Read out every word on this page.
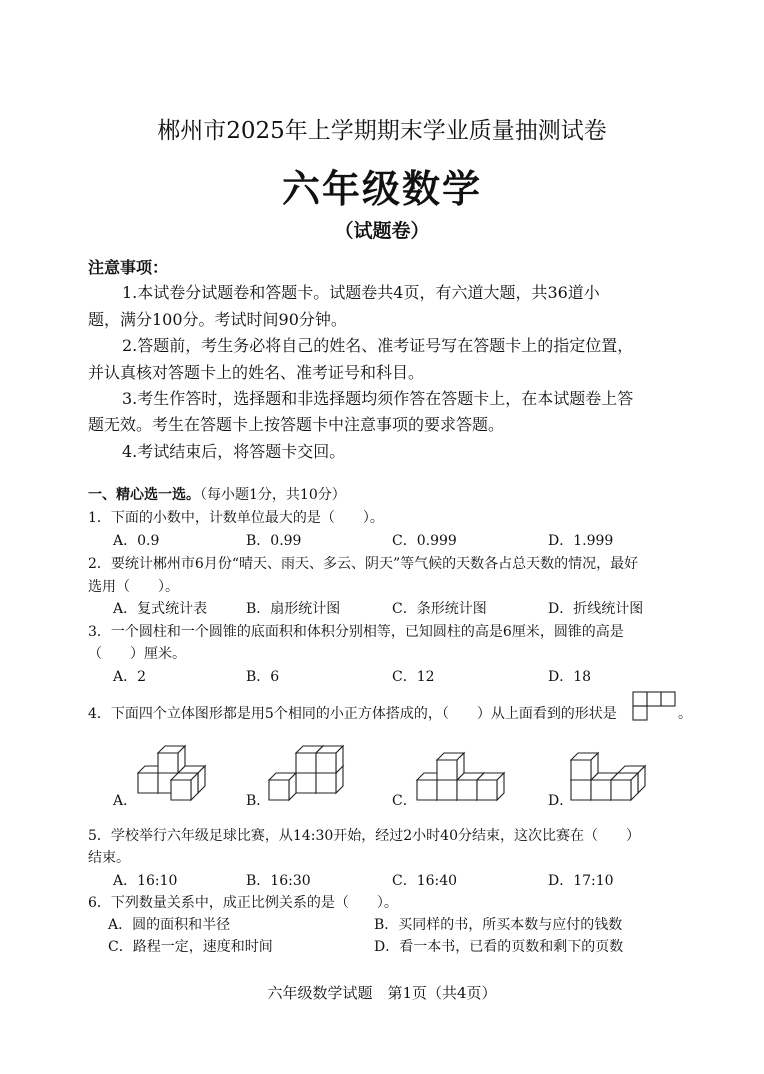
郴州市2025年上学期期末学业质量抽测试卷
六年级数学
（试题卷）
注意事项：
1.本试卷分试题卷和答题卡。试题卷共4页，有六道大题，共36道小
题，满分100分。考试时间90分钟。
2.答题前，考生务必将自己的姓名、准考证号写在答题卡上的指定位置，
并认真核对答题卡上的姓名、准考证号和科目。
3.考生作答时，选择题和非选择题均须作答在答题卡上，在本试题卷上答
题无效。考生在答题卡上按答题卡中注意事项的要求答题。
4.考试结束后，将答题卡交回。
一、精心选一选。（每小题1分，共10分）
1．下面的小数中，计数单位最大的是（　　）。
A．0.9	B．0.99	C．0.999	D．1.999
2．要统计郴州市6月份“晴天、雨天、多云、阴天”等气候的天数各占总天数的情况，最好
选用（　　）。
A．复式统计表	B．扇形统计图	C．条形统计图	D．折线统计图
3．一个圆柱和一个圆锥的底面积和体积分别相等，已知圆柱的高是6厘米，圆锥的高是
（　　）厘米。
A．2	B．6	C．12	D．18
4．下面四个立体图形都是用5个相同的小正方体搭成的，（　　）从上面看到的形状是	。
A．	B．	C．	D．
5．学校举行六年级足球比赛，从14:30开始，经过2小时40分结束，这次比赛在（　　）
结束。
A．16:10	B．16:30	C．16:40	D．17:10
6．下列数量关系中，成正比例关系的是（　　）。
A．圆的面积和半径	B．买同样的书，所买本数与应付的钱数
C．路程一定，速度和时间	D．看一本书，已看的页数和剩下的页数
六年级数学试题　第1页（共4页）
